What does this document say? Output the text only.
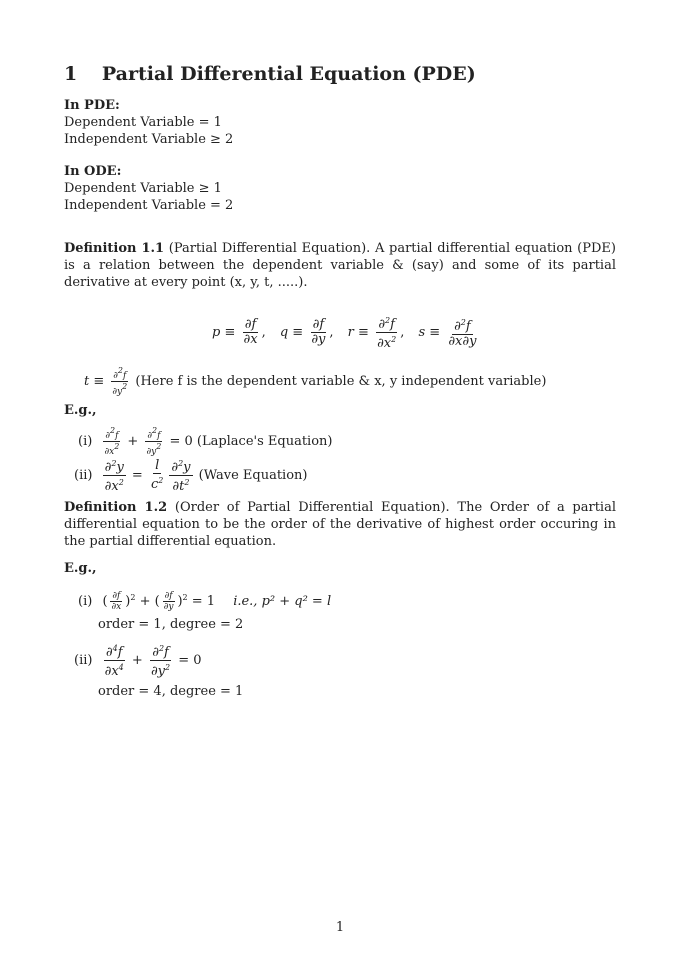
1 Partial Differential Equation (PDE)
In PDE:
Dependent Variable = 1
Independent Variable ≥ 2
In ODE:
Dependent Variable ≥ 1
Independent Variable = 2
Definition 1.1 (Partial Differential Equation). A partial differential equation (PDE) is a relation between the dependent variable & (say) and some of its partial derivative at every point (x, y, t, .....).
$p \equiv \frac{\partial f}{\partial x}$ , $q \equiv \frac{\partial f}{\partial y}$ , $r \equiv \frac{\partial^2f}{\partial x^2}$ , $s \equiv \frac{\partial^2f}{\partial x\partial y}$
$t \equiv \frac{\partial^2f}{\partial y^2}$ (Here f is the dependent variable & x, y independent variable)
E.g.,
$(i) \frac{\partial^2f}{\partial x^2} + \frac{\partial^2f}{\partial y^2} = 0$ (Laplace's Equation)
$(ii) \frac{\partial^2y}{\partial x^2} = \frac{l}{c^2} \frac{\partial^2y}{\partial t^2}$ (Wave Equation)
Definition 1.2 (Order of Partial Differential Equation). The Order of a partial differential equation to be the order of the derivative of highest order occuring in the partial differential equation.
E.g.,
(i) ( $\frac{\partial f}{\partial x} )^2$ + ( $\frac{\partial f}{\partial y} )^2 = 1$ i.e., p² + q² = l
order = 1, degree = 2
$(ii) \frac{\partial^4f}{\partial x^4} + \frac{\partial^2f}{\partial y^2} = 0$
order = 4, degree = 1
1
